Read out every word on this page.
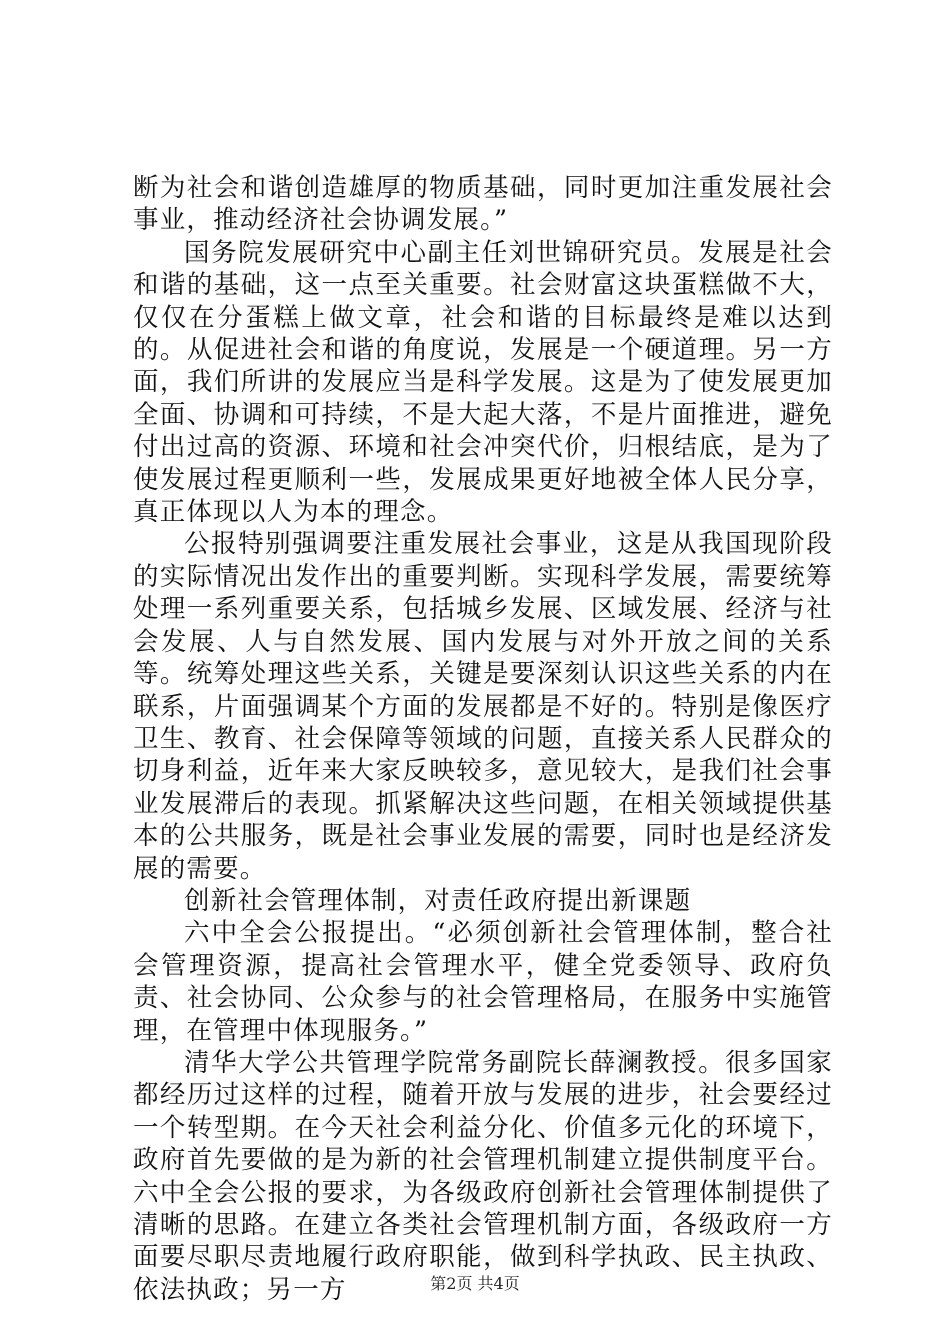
断为社会和谐创造雄厚的物质基础，同时更加注重发展社会事业，推动经济社会协调发展。”

国务院发展研究中心副主任刘世锦研究员。发展是社会和谐的基础，这一点至关重要。社会财富这块蛋糕做不大，仅仅在分蛋糕上做文章，社会和谐的目标最终是难以达到的。从促进社会和谐的角度说，发展是一个硬道理。另一方面，我们所讲的发展应当是科学发展。这是为了使发展更加全面、协调和可持续，不是大起大落，不是片面推进，避免付出过高的资源、环境和社会冲突代价，归根结底，是为了使发展过程更顺利一些，发展成果更好地被全体人民分享，真正体现以人为本的理念。

公报特别强调要注重发展社会事业，这是从我国现阶段的实际情况出发作出的重要判断。实现科学发展，需要统筹处理一系列重要关系，包括城乡发展、区域发展、经济与社会发展、人与自然发展、国内发展与对外开放之间的关系等。统筹处理这些关系，关键是要深刻认识这些关系的内在联系，片面强调某个方面的发展都是不好的。特别是像医疗卫生、教育、社会保障等领域的问题，直接关系人民群众的切身利益，近年来大家反映较多，意见较大，是我们社会事业发展滞后的表现。抓紧解决这些问题，在相关领域提供基本的公共服务，既是社会事业发展的需要，同时也是经济发展的需要。

创新社会管理体制，对责任政府提出新课题

六中全会公报提出。“必须创新社会管理体制，整合社会管理资源，提高社会管理水平，健全党委领导、政府负责、社会协同、公众参与的社会管理格局，在服务中实施管理，在管理中体现服务。”

清华大学公共管理学院常务副院长薛澜教授。很多国家都经历过这样的过程，随着开放与发展的进步，社会要经过一个转型期。在今天社会利益分化、价值多元化的环境下，政府首先要做的是为新的社会管理机制建立提供制度平台。六中全会公报的要求，为各级政府创新社会管理体制提供了清晰的思路。在建立各类社会管理机制方面，各级政府一方面要尽职尽责地履行政府职能，做到科学执政、民主执政、依法执政；另一方	第2页 共4页
